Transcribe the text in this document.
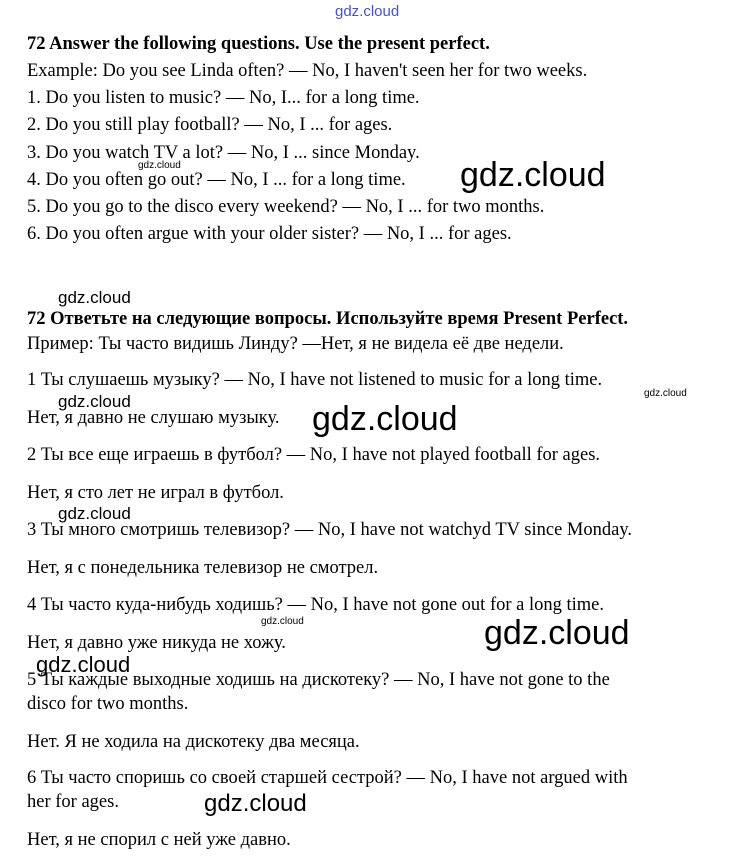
gdz.cloud
gdz.cloud	gdz.cloud
gdz.cloud
gdz.cloud
gdz.cloud	gdz.cloud
gdz.cloud
gdz.cloud	gdz.cloud
gdz.cloud
gdz.cloud
72 Answer the following questions. Use the present perfect.
Example: Do you see Linda often? — No, I haven't seen her for two weeks.
1. Do you listen to music? — No, I... for a long time.
2. Do you still play football? — No, I ... for ages.
3. Do you watch TV a lot? — No, I ... since Monday.
4. Do you often go out? — No, I ... for a long time.
5. Do you go to the disco every weekend? — No, I ... for two months.
6. Do you often argue with your older sister? — No, I ... for ages.
72 Ответьте на следующие вопросы. Используйте время Present Perfect.
Пример: Ты часто видишь Линду? —Нет, я не видела её две недели.
1 Ты слушаешь музыку? — No, I have not listened to music for a long time.
Нет, я давно не слушаю музыку.
2 Ты все еще играешь в футбол? — No, I have not played football for ages.
Нет, я сто лет не играл в футбол.
3 Ты много смотришь телевизор? — No, I have not watchyd TV since Monday.
Нет, я с понедельника телевизор не смотрел.
4 Ты часто куда-нибудь ходишь? — No, I have not gone out for a long time.
Нет, я давно уже никуда не хожу.
5 Ты каждые выходные ходишь на дискотеку? — No, I have not gone to the
disco for two months.
Нет. Я не ходила на дискотеку два месяца.
6 Ты часто споришь со своей старшей сестрой? — No, I have not argued with
her for ages.
Нет, я не спорил с ней уже давно.
